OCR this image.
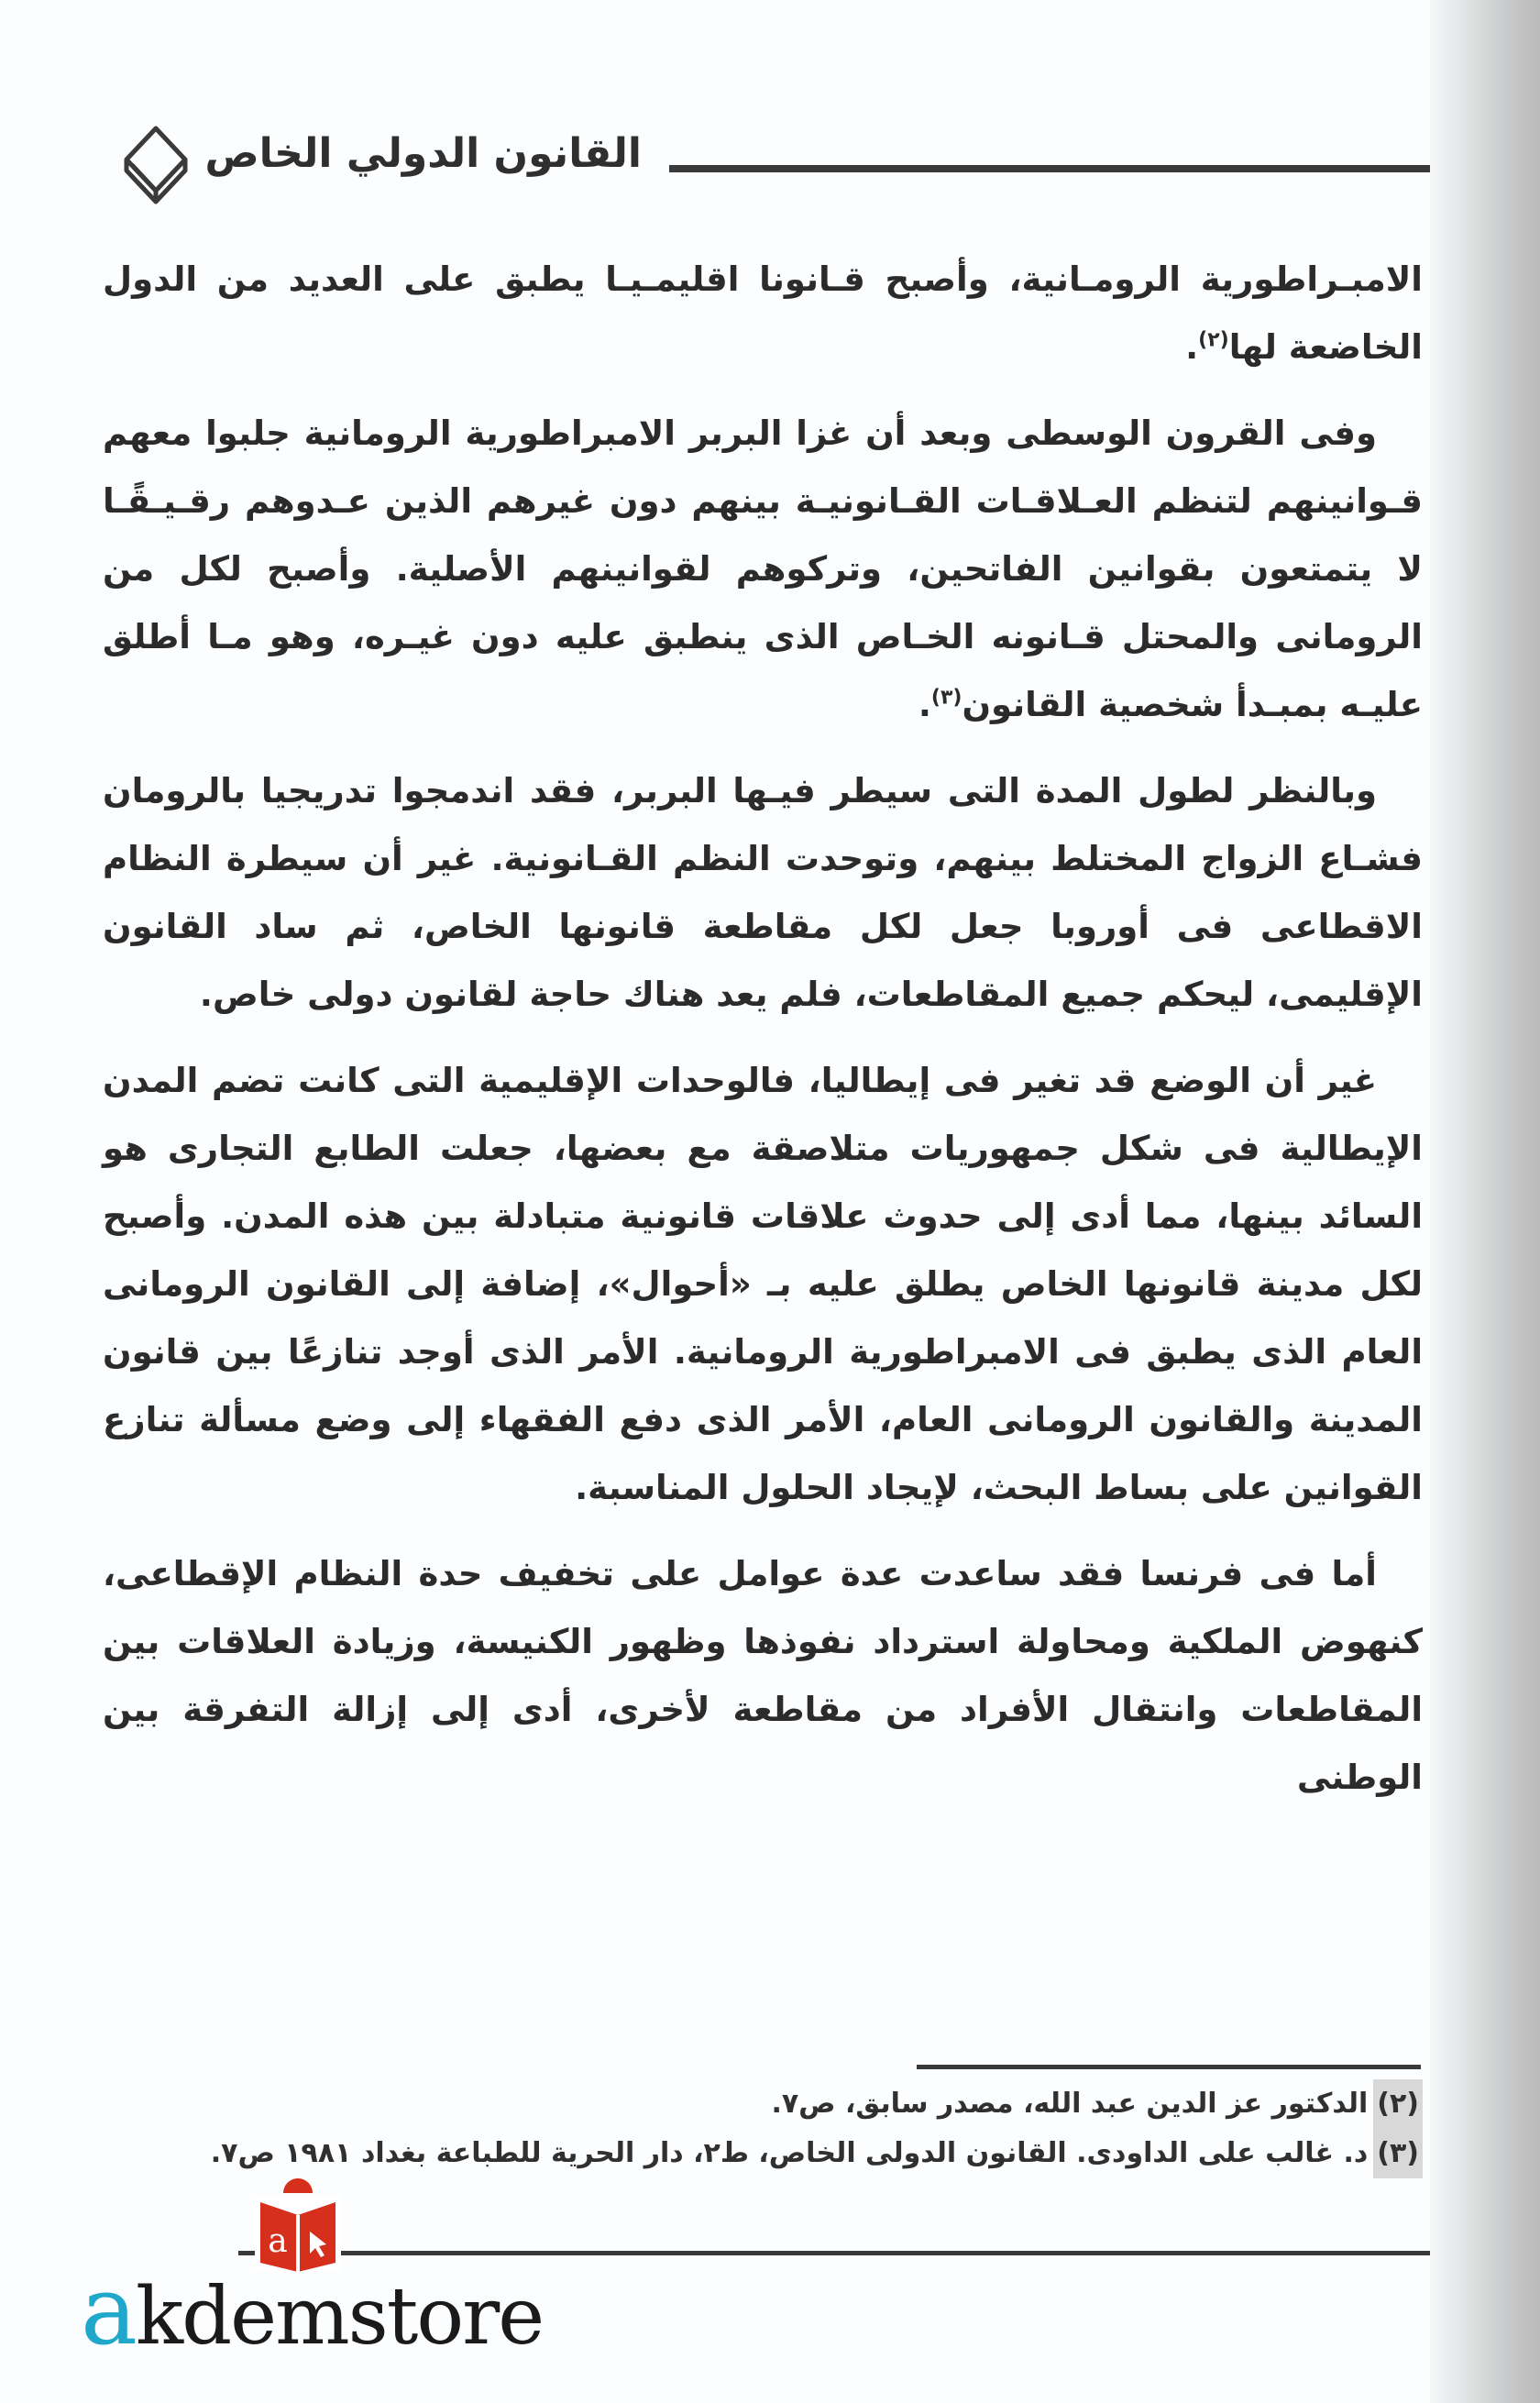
القانون الدولي الخاص

الامبـراطورية الرومـانية، وأصبح قـانونا اقليمـيـا يطبق على العديد من الدول الخاضعة لها$^{(٢)}$.

وفى القرون الوسطى وبعد أن غزا البربر الامبراطورية الرومانية جلبوا معهم قـوانينهم لتنظم العـلاقـات القـانونيـة بينهم دون غيرهم الذين عـدوهم رقـيـقًـا لا يتمتعون بقوانين الفاتحين، وتركوهم لقوانينهم الأصلية. وأصبح لكل من الرومانى والمحتل قـانونه الخـاص الذى ينطبق عليه دون غيـره، وهو مـا أطلق عليـه بمبـدأ شخصية القانون$^{(٣)}$.

وبالنظر لطول المدة التى سيطر فيـها البربر، فقد اندمجوا تدريجيا بالرومان فشـاع الزواج المختلط بينهم، وتوحدت النظم القـانونية. غير أن سيطرة النظام الاقطاعى فى أوروبا جعل لكل مقاطعة قانونها الخاص، ثم ساد القانون الإقليمى، ليحكم جميع المقاطعات، فلم يعد هناك حاجة لقانون دولى خاص.

غير أن الوضع قد تغير فى إيطاليا، فالوحدات الإقليمية التى كانت تضم المدن الإيطالية فى شكل جمهوريات متلاصقة مع بعضها، جعلت الطابع التجارى هو السائد بينها، مما أدى إلى حدوث علاقات قانونية متبادلة بين هذه المدن. وأصبح لكل مدينة قانونها الخاص يطلق عليه بـ «أحوال»، إضافة إلى القانون الرومانى العام الذى يطبق فى الامبراطورية الرومانية. الأمر الذى أوجد تنازعًا بين قانون المدينة والقانون الرومانى العام، الأمر الذى دفع الفقهاء إلى وضع مسألة تنازع القوانين على بساط البحث، لإيجاد الحلول المناسبة.

أما فى فرنسا فقد ساعدت عدة عوامل على تخفيف حدة النظام الإقطاعى، كنهوض الملكية ومحاولة استرداد نفوذها وظهور الكنيسة، وزيادة العلاقات بين المقاطعات وانتقال الأفراد من مقاطعة لأخرى، أدى إلى إزالة التفرقة بين الوطنى

(٢)الدكتور عز الدين عبد الله، مصدر سابق، ص٧.
(٣)د. غالب على الداودى. القانون الدولى الخاص، ط٢، دار الحرية للطباعة بغداد ١٩٨١ ص٧.
a
akdemstore
